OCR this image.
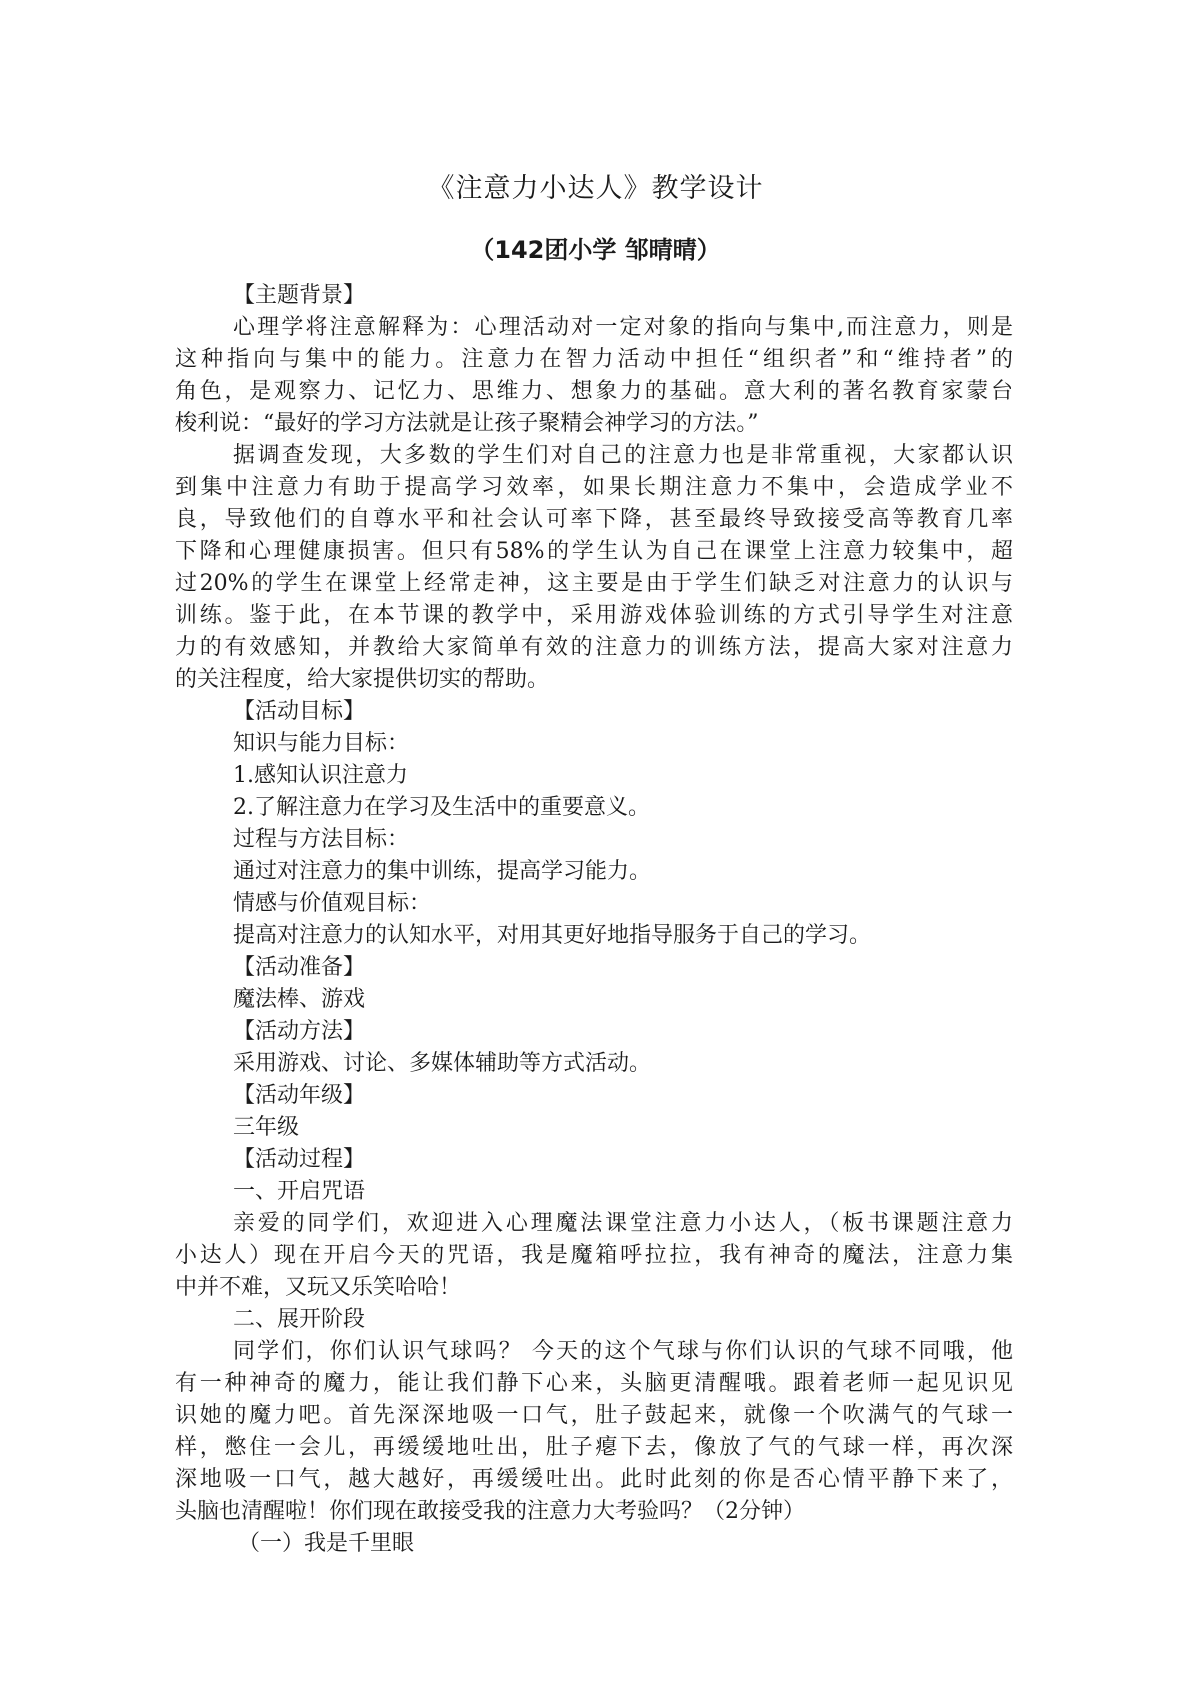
《注意力小达人》教学设计
（142团小学 邹晴晴）
【主题背景】
心理学将注意解释为：心理活动对一定对象的指向与集中,而注意力，则是
这种指向与集中的能力。注意力在智力活动中担任“组织者”和“维持者”的
角色，是观察力、记忆力、思维力、想象力的基础。意大利的著名教育家蒙台
梭利说：“最好的学习方法就是让孩子聚精会神学习的方法。”
据调查发现，大多数的学生们对自己的注意力也是非常重视，大家都认识
到集中注意力有助于提高学习效率，如果长期注意力不集中，会造成学业不
良，导致他们的自尊水平和社会认可率下降，甚至最终导致接受高等教育几率
下降和心理健康损害。但只有58%的学生认为自己在课堂上注意力较集中，超
过20%的学生在课堂上经常走神，这主要是由于学生们缺乏对注意力的认识与
训练。鉴于此，在本节课的教学中，采用游戏体验训练的方式引导学生对注意
力的有效感知，并教给大家简单有效的注意力的训练方法，提高大家对注意力
的关注程度，给大家提供切实的帮助。
【活动目标】
知识与能力目标：
1.感知认识注意力
2.了解注意力在学习及生活中的重要意义。
过程与方法目标：
通过对注意力的集中训练，提高学习能力。
情感与价值观目标：
提高对注意力的认知水平，对用其更好地指导服务于自己的学习。
【活动准备】
魔法棒、游戏
【活动方法】
采用游戏、讨论、多媒体辅助等方式活动。
【活动年级】
三年级
【活动过程】
一、开启咒语
亲爱的同学们，欢迎进入心理魔法课堂注意力小达人，（板书课题注意力
小达人）现在开启今天的咒语，我是魔箱呼拉拉，我有神奇的魔法，注意力集
中并不难，又玩又乐笑哈哈！
二、展开阶段
同学们，你们认识气球吗？ 今天的这个气球与你们认识的气球不同哦，他
有一种神奇的魔力，能让我们静下心来，头脑更清醒哦。跟着老师一起见识见
识她的魔力吧。首先深深地吸一口气，肚子鼓起来，就像一个吹满气的气球一
样，憋住一会儿，再缓缓地吐出，肚子瘪下去，像放了气的气球一样，再次深
深地吸一口气，越大越好，再缓缓吐出。此时此刻的你是否心情平静下来了，
头脑也清醒啦！你们现在敢接受我的注意力大考验吗？（2分钟）
（一）我是千里眼
